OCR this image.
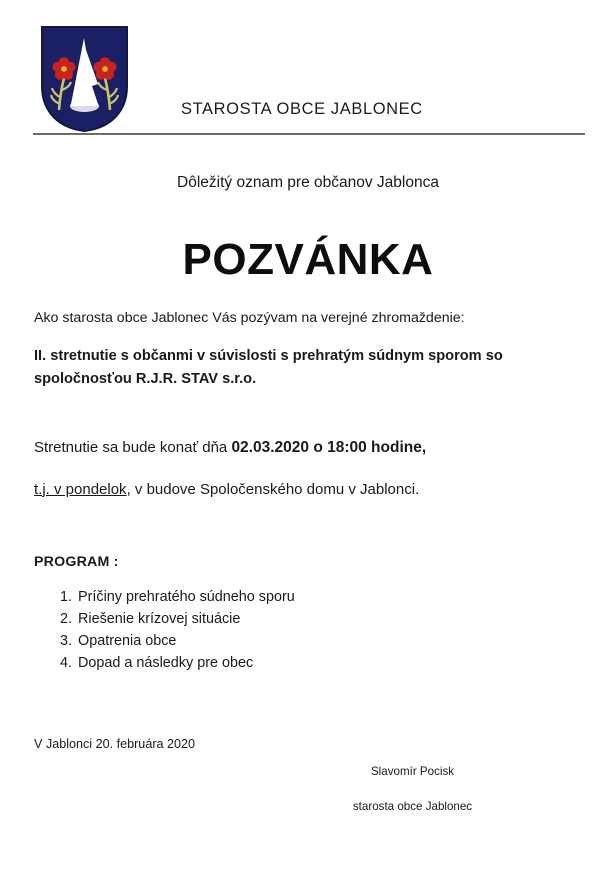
STAROSTA OBCE JABLONEC
Dôležitý oznam pre občanov Jablonca
POZVÁNKA

Ako starosta obce Jablonec Vás pozývam na verejné zhromaždenie:

II. stretnutie s občanmi v súvislosti s prehratým súdnym sporom so spoločnosťou R.J.R. STAV s.r.o.

Stretnutie sa bude konať dňa 02.03.2020 o 18:00 hodine,

t.j. v pondelok, v budove Spoločenského domu v Jablonci.

PROGRAM :
1. Príčiny prehratého súdneho sporu
2. Riešenie krízovej situácie
3. Opatrenia obce
4. Dopad a následky pre obec
V Jablonci 20. februára 2020

Slavomír Pocisk

starosta obce Jablonec
